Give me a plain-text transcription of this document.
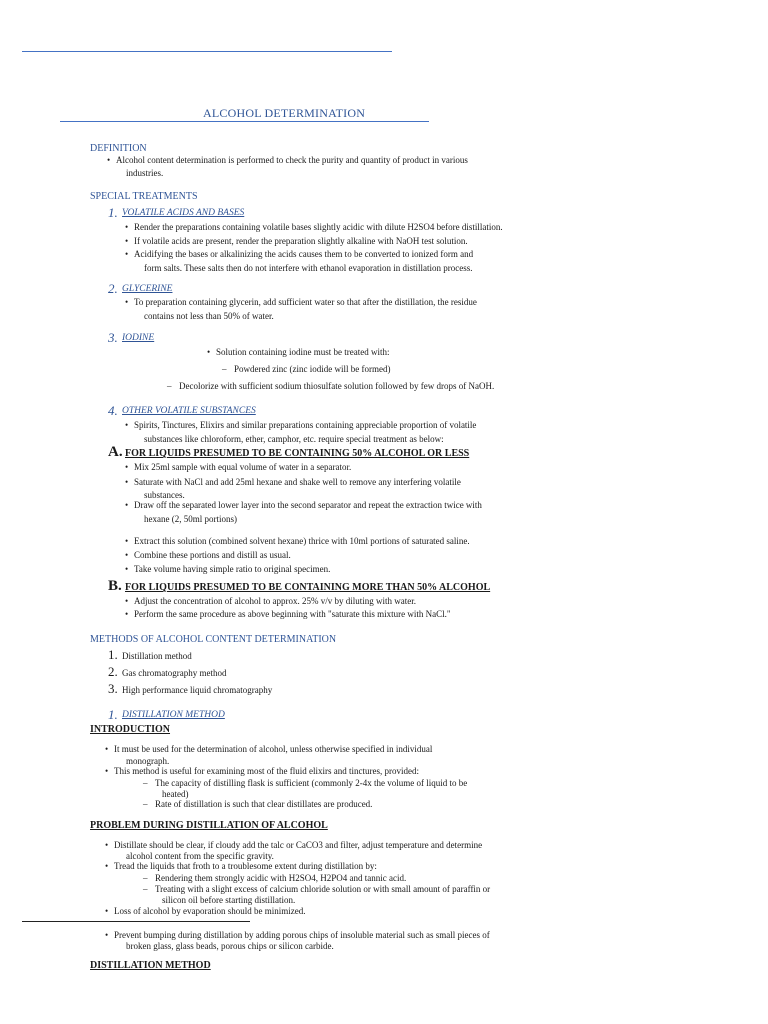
ALCOHOL DETERMINATION
DEFINITION
• Alcohol content determination is performed to check the purity and quantity of product in various
industries.
SPECIAL TREATMENTS
1. VOLATILE ACIDS AND BASES
• Render the preparations containing volatile bases slightly acidic with dilute H2SO4 before distillation.
• If volatile acids are present, render the preparation slightly alkaline with NaOH test solution.
• Acidifying the bases or alkalinizing the acids causes them to be converted to ionized form and
form salts. These salts then do not interfere with ethanol evaporation in distillation process.
2. GLYCERINE
• To preparation containing glycerin, add sufficient water so that after the distillation, the residue
contains not less than 50% of water.
3. IODINE
• Solution containing iodine must be treated with:
– Powdered zinc (zinc iodide will be formed)
– Decolorize with sufficient sodium thiosulfate solution followed by few drops of NaOH.
4. OTHER VOLATILE SUBSTANCES
• Spirits, Tinctures, Elixirs and similar preparations containing appreciable proportion of volatile
substances like chloroform, ether, camphor, etc. require special treatment as below:
A. FOR LIQUIDS PRESUMED TO BE CONTAINING 50% ALCOHOL OR LESS
• Mix 25ml sample with equal volume of water in a separator.
• Saturate with NaCl and add 25ml hexane and shake well to remove any interfering volatile
substances.
• Draw off the separated lower layer into the second separator and repeat the extraction twice with
hexane (2, 50ml portions)
• Extract this solution (combined solvent hexane) thrice with 10ml portions of saturated saline.
• Combine these portions and distill as usual.
• Take volume having simple ratio to original specimen.
B. FOR LIQUIDS PRESUMED TO BE CONTAINING MORE THAN 50% ALCOHOL
• Adjust the concentration of alcohol to approx. 25% v/v by diluting with water.
• Perform the same procedure as above beginning with "saturate this mixture with NaCl."
METHODS OF ALCOHOL CONTENT DETERMINATION
1. Distillation method
2. Gas chromatography method
3. High performance liquid chromatography
1. DISTILLATION METHOD
INTRODUCTION
• It must be used for the determination of alcohol, unless otherwise specified in individual
monograph.
• This method is useful for examining most of the fluid elixirs and tinctures, provided:
– The capacity of distilling flask is sufficient (commonly 2-4x the volume of liquid to be
heated)
– Rate of distillation is such that clear distillates are produced.
PROBLEM DURING DISTILLATION OF ALCOHOL
• Distillate should be clear, if cloudy add the talc or CaCO3 and filter, adjust temperature and determine
alcohol content from the specific gravity.
• Tread the liquids that froth to a troublesome extent during distillation by:
– Rendering them strongly acidic with H2SO4, H2PO4 and tannic acid.
– Treating with a slight excess of calcium chloride solution or with small amount of paraffin or
silicon oil before starting distillation.
• Loss of alcohol by evaporation should be minimized.
• Prevent bumping during distillation by adding porous chips of insoluble material such as small pieces of
broken glass, glass beads, porous chips or silicon carbide.
DISTILLATION METHOD
